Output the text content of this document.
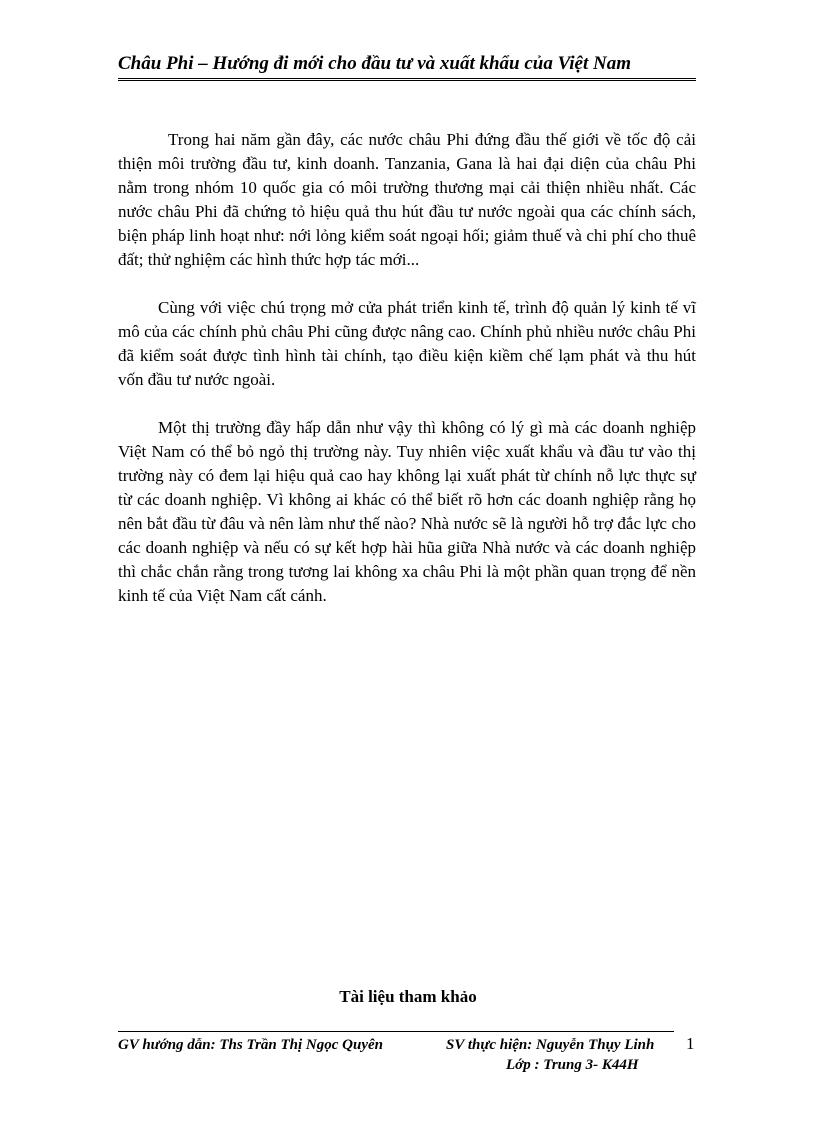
Châu Phi – Hướng đi mới cho đầu tư và xuất khẩu của Việt Nam

Trong hai năm gần đây, các nước châu Phi đứng đầu thế giới về tốc độ cải thiện môi trường đầu tư, kinh doanh. Tanzania, Gana là hai đại diện của châu Phi nằm trong nhóm 10 quốc gia có môi trường thương mại cải thiện nhiều nhất. Các nước châu Phi đã chứng tỏ hiệu quả thu hút đầu tư nước ngoài qua các chính sách, biện pháp linh hoạt như: nới lỏng kiểm soát ngoại hối; giảm thuế và chi phí cho thuê đất; thử nghiệm các hình thức hợp tác mới...

Cùng với việc chú trọng mở cửa phát triển kinh tế, trình độ quản lý kinh tế vĩ mô của các chính phủ châu Phi cũng được nâng cao. Chính phủ nhiều nước châu Phi đã kiểm soát được tình hình tài chính, tạo điều kiện kiềm chế lạm phát và thu hút vốn đầu tư nước ngoài.

Một thị trường đầy hấp dẫn như vậy thì không có lý gì mà các doanh nghiệp Việt Nam có thể bỏ ngỏ thị trường này. Tuy nhiên việc xuất khẩu và đầu tư vào thị trường này có đem lại hiệu quả cao hay không lại xuất phát từ chính nỗ lực thực sự từ các doanh nghiệp. Vì không ai khác có thể biết rõ hơn các doanh nghiệp rằng họ nên bắt đầu từ đâu và nên làm như thế nào? Nhà nước sẽ là người hỗ trợ đắc lực cho các doanh nghiệp và nếu có sự kết hợp hài hũa giữa Nhà nước và các doanh nghiệp thì chắc chắn rằng trong tương lai không xa châu Phi là một phần quan trọng để nền kinh tế của Việt Nam cất cánh.

Tài liệu tham khảo
GV hướng dẫn: Ths Trần Thị Ngọc Quyên	SV thực hiện: Nguyễn Thụy Linh
Lớp : Trung 3- K44H
1
